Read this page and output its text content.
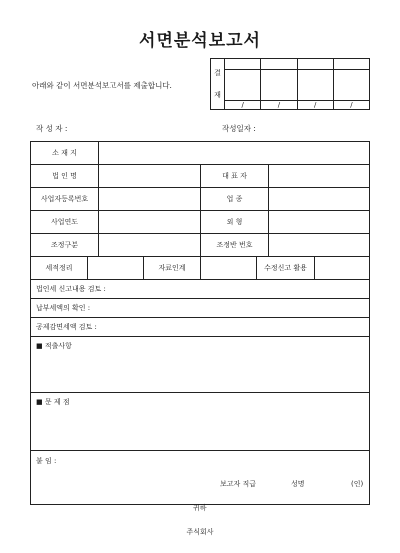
서면분석보고서
아래와 같이 서면분석보고서를 제출합니다.
결
재				

	/	/	/	/
작 성 자 :	작성일자 :
소 재 지
법 인 명	대 표 자
사업자등록번호	업 종
사업연도	외 형
조정구분	조정반 번호
세적정리	자료인계	수정신고 활용
법인세 신고내용 검토 :
납부세액의 확인 :
공제감면세액 검토 :
■ 적출사항
■ 문 제 점
붙 임 :
보고자 직급	성명	(인)
귀하
주식회사
